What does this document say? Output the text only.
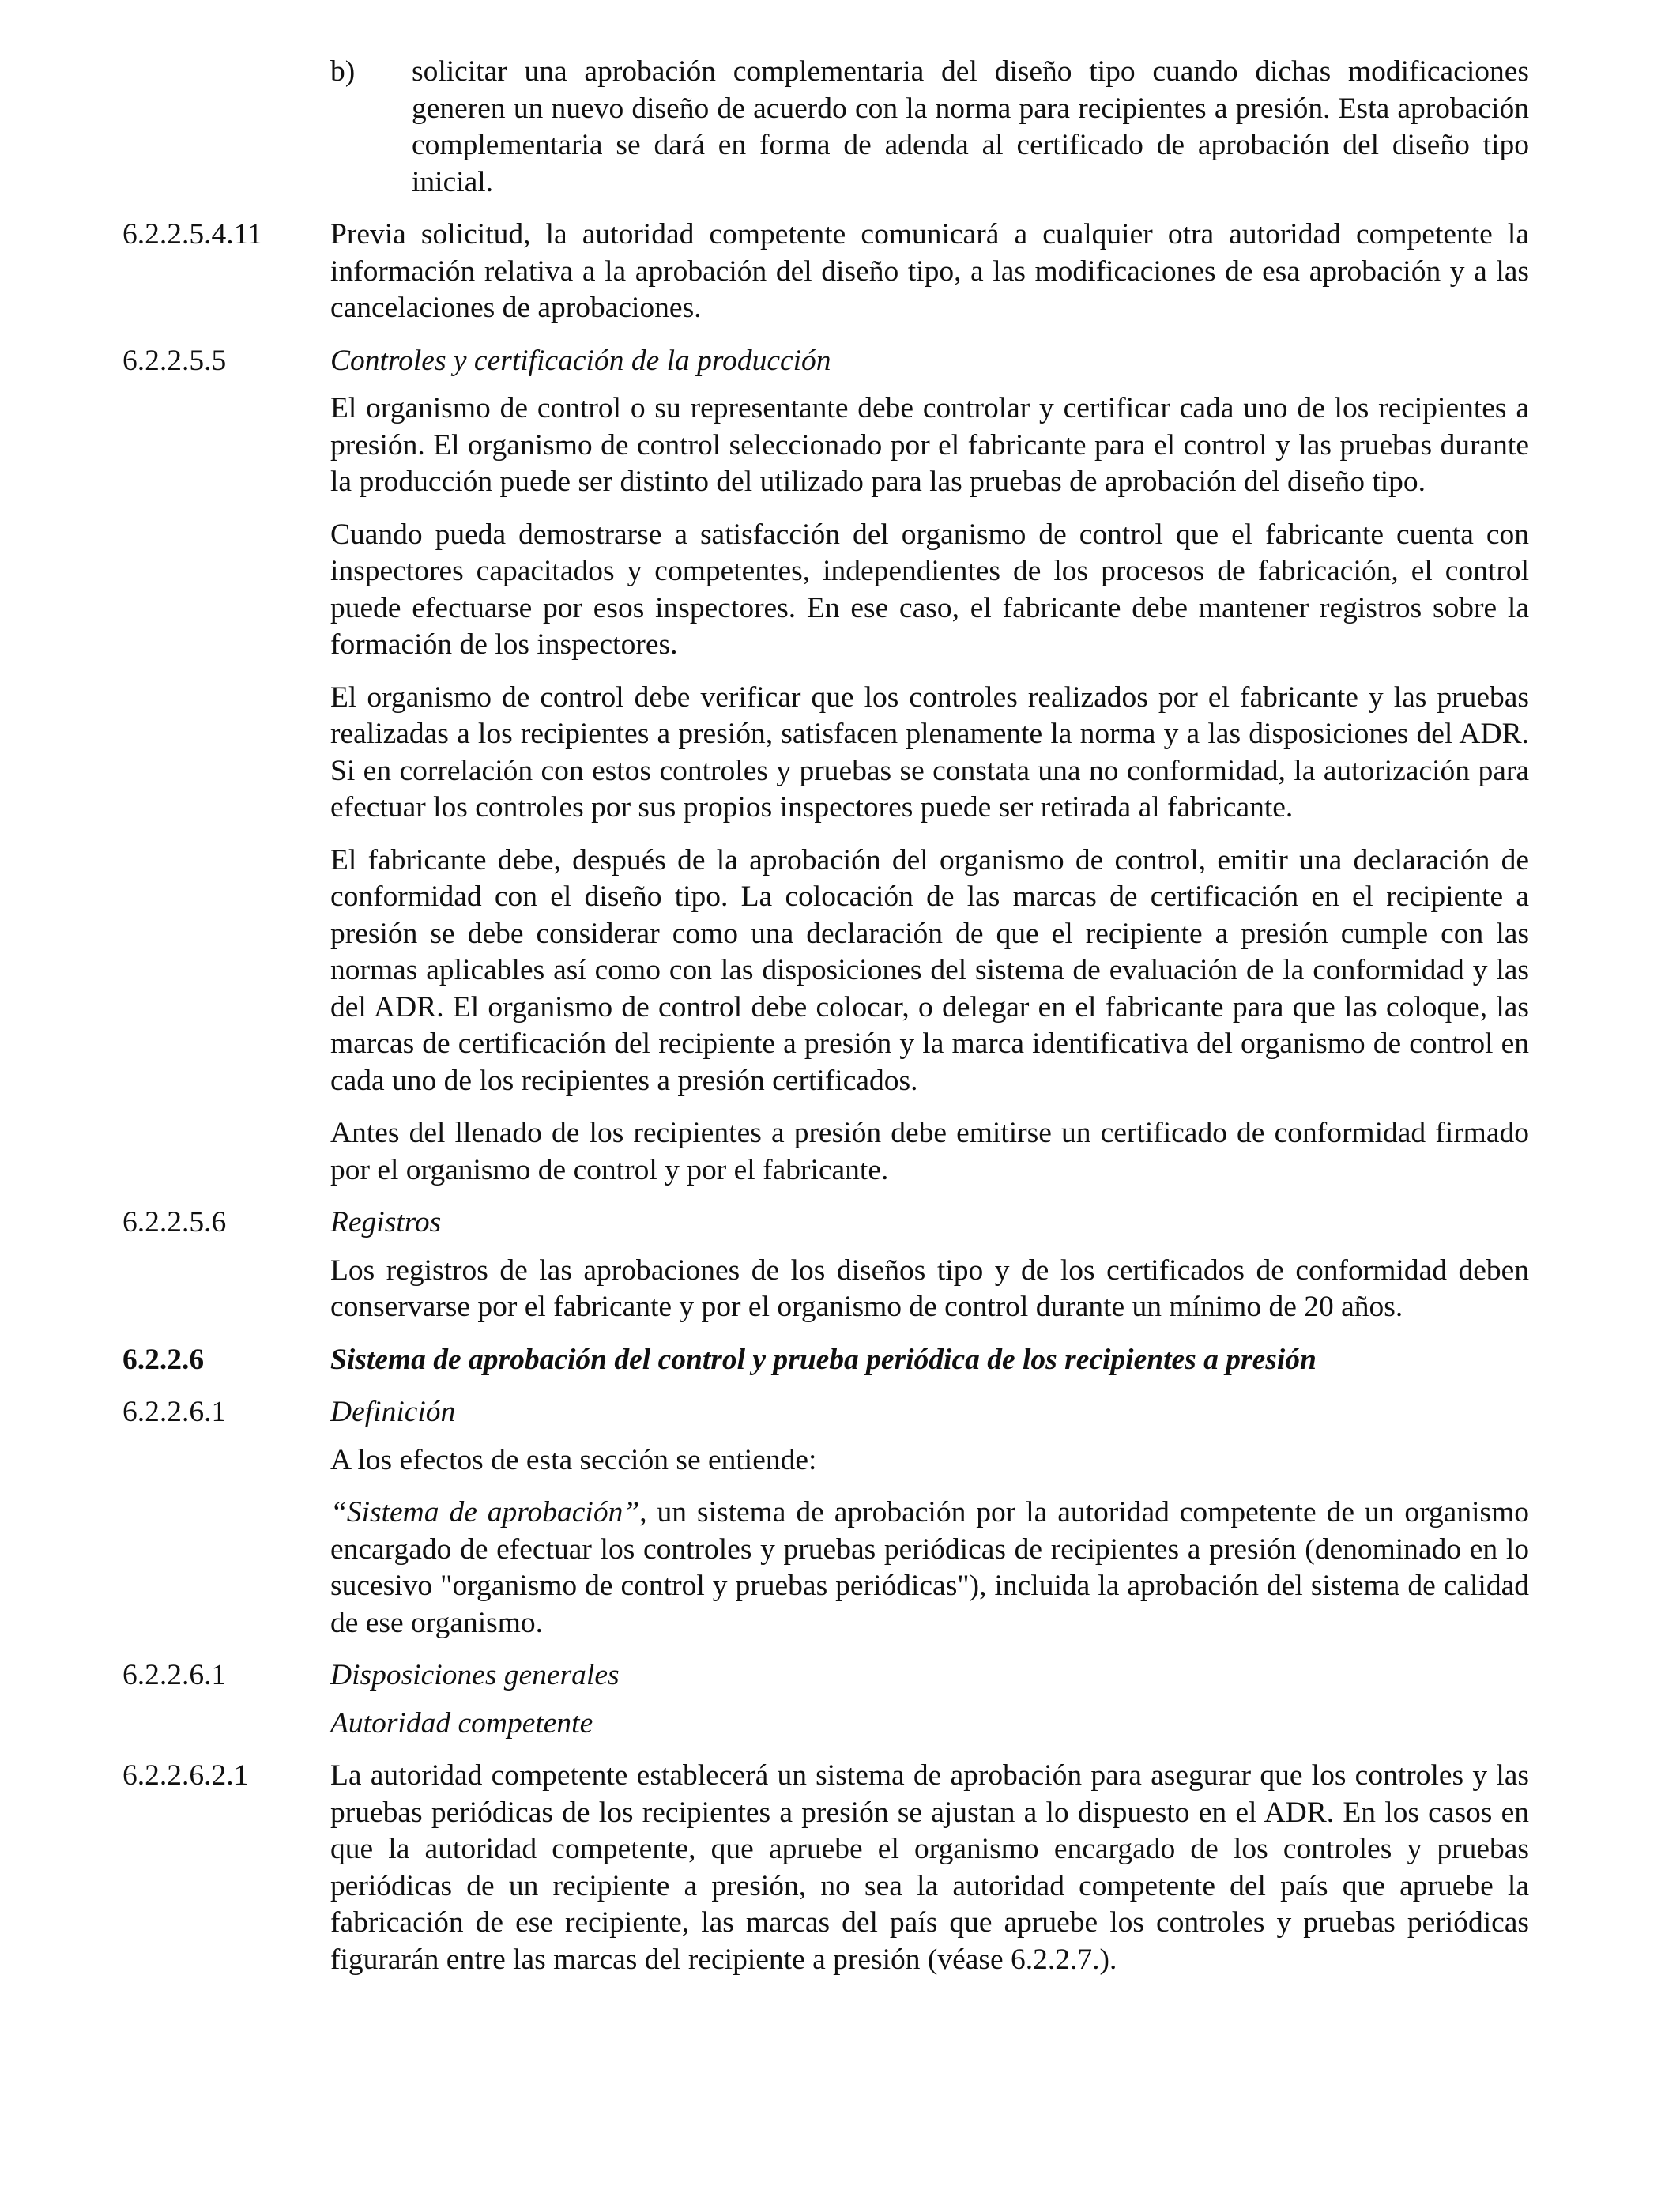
b)	solicitar una aprobación complementaria del diseño tipo cuando dichas modificaciones generen un nuevo diseño de acuerdo con la norma para recipientes a presión. Esta aprobación complementaria se dará en forma de adenda al certificado de aprobación del diseño tipo inicial.
6.2.2.5.4.11	Previa solicitud, la autoridad competente comunicará a cualquier otra autoridad competente la información relativa a la aprobación del diseño tipo, a las modificaciones de esa aprobación y a las cancelaciones de aprobaciones.
6.2.2.5.5	Controles y certificación de la producción

El organismo de control o su representante debe controlar y certificar cada uno de los recipientes a presión. El organismo de control seleccionado por el fabricante para el control y las pruebas durante la producción puede ser distinto del utilizado para las pruebas de aprobación del diseño tipo.

Cuando pueda demostrarse a satisfacción del organismo de control que el fabricante cuenta con inspectores capacitados y competentes, independientes de los procesos de fabricación, el control puede efectuarse por esos inspectores. En ese caso, el fabricante debe mantener registros sobre la formación de los inspectores.

El organismo de control debe verificar que los controles realizados por el fabricante y las pruebas realizadas a los recipientes a presión, satisfacen plenamente la norma y a las disposiciones del ADR. Si en correlación con estos controles y pruebas se constata una no conformidad, la autorización para efectuar los controles por sus propios inspectores puede ser retirada al fabricante.

El fabricante debe, después de la aprobación del organismo de control, emitir una declaración de conformidad con el diseño tipo. La colocación de las marcas de certificación en el recipiente a presión se debe considerar como una declaración de que el recipiente a presión cumple con las normas aplicables así como con las disposiciones del sistema de evaluación de la conformidad y las del ADR. El organismo de control debe colocar, o delegar en el fabricante para que las coloque, las marcas de certificación del recipiente a presión y la marca identificativa del organismo de control en cada uno de los recipientes a presión certificados.

Antes del llenado de los recipientes a presión debe emitirse un certificado de conformidad firmado por el organismo de control y por el fabricante.

6.2.2.5.6	Registros

Los registros de las aprobaciones de los diseños tipo y de los certificados de conformidad deben conservarse por el fabricante y por el organismo de control durante un mínimo de 20 años.

6.2.2.6	Sistema de aprobación del control y prueba periódica de los recipientes a presión
6.2.2.6.1	Definición

A los efectos de esta sección se entiende:

“Sistema de aprobación”, un sistema de aprobación por la autoridad competente de un organismo encargado de efectuar los controles y pruebas periódicas de recipientes a presión (denominado en lo sucesivo "organismo de control y pruebas periódicas"), incluida la aprobación del sistema de calidad de ese organismo.

6.2.2.6.1	Disposiciones generales

Autoridad competente

6.2.2.6.2.1	La autoridad competente establecerá un sistema de aprobación para asegurar que los controles y las pruebas periódicas de los recipientes a presión se ajustan a lo dispuesto en el ADR. En los casos en que la autoridad competente, que apruebe el organismo encargado de los controles y pruebas periódicas de un recipiente a presión, no sea la autoridad competente del país que apruebe la fabricación de ese recipiente, las marcas del país que apruebe los controles y pruebas periódicas figurarán entre las marcas del recipiente a presión (véase 6.2.2.7.).
